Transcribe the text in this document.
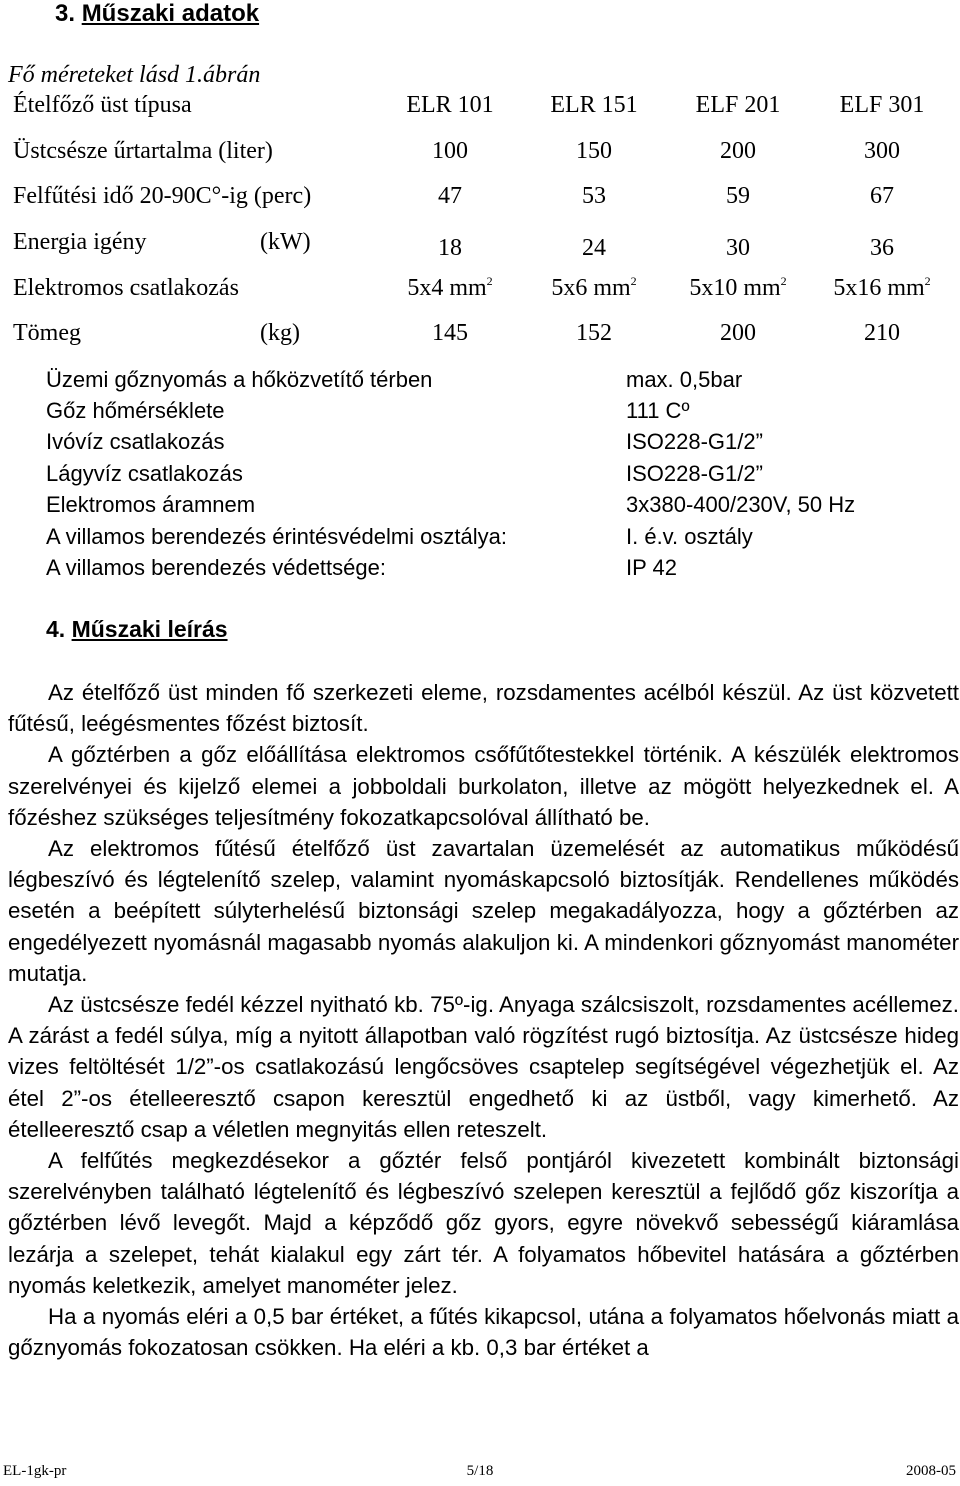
3. Műszaki adatok
Fő méreteket lásd 1.ábrán
Ételfőző üst típusa	ELR 101	ELR 151	ELF 201	ELF 301
Üstcsésze űrtartalma (liter)	100	150	200	300
Felfűtési idő 20-90C°-ig (perc)	47	53	59	67
Energia igény	(kW)	18	24	30	36
Elektromos csatlakozás	5x4 $mm^2$	5x6 $mm^2$	5x10 $mm^2$	5x16 $mm^2$
Tömeg	(kg)	145	152	200	210
Üzemi gőznyomás a hőközvetítő térben	max. 0,5bar
Gőz hőmérséklete	111 Cº
Ivóvíz csatlakozás	ISO228-G1/2”
Lágyvíz csatlakozás	ISO228-G1/2”
Elektromos áramnem	3x380-400/230V, 50 Hz
A villamos berendezés érintésvédelmi osztálya:	I. é.v. osztály
A villamos berendezés védettsége:	IP 42
4. Műszaki leírás

Az ételfőző üst minden fő szerkezeti eleme, rozsdamentes acélból készül. Az üst közvetett fűtésű, leégésmentes főzést biztosít.

A gőztérben a gőz előállítása elektromos csőfűtőtestekkel történik. A készülék elektromos szerelvényei és kijelző elemei a jobboldali burkolaton, illetve az mögött helyezkednek el. A főzéshez szükséges teljesítmény fokozatkapcsolóval állítható be.

Az elektromos fűtésű ételfőző üst zavartalan üzemelését az automatikus működésű légbeszívó és légtelenítő szelep, valamint nyomáskapcsoló biztosítják. Rendellenes működés esetén a beépített súlyterhelésű biztonsági szelep megakadályozza, hogy a gőztérben az engedélyezett nyomásnál magasabb nyomás alakuljon ki. A mindenkori gőznyomást manométer mutatja.

Az üstcsésze fedél kézzel nyitható kb. 75º-ig. Anyaga szálcsiszolt, rozsdamentes acéllemez. A zárást a fedél súlya, míg a nyitott állapotban való rögzítést rugó biztosítja. Az üstcsésze hideg vizes feltöltését 1/2”-os csatlakozású lengőcsöves csaptelep segítségével végezhetjük el. Az étel 2”-os ételleeresztő csapon keresztül engedhető ki az üstből, vagy kimerhető. Az ételleeresztő csap a véletlen megnyitás ellen reteszelt.

A felfűtés megkezdésekor a gőztér felső pontjáról kivezetett kombinált biztonsági szerelvényben található légtelenítő és légbeszívó szelepen keresztül a fejlődő gőz kiszorítja a gőztérben lévő levegőt. Majd a képződő gőz gyors, egyre növekvő sebességű kiáramlása lezárja a szelepet, tehát kialakul egy zárt tér. A folyamatos hőbevitel hatására a gőztérben nyomás keletkezik, amelyet manométer jelez.

Ha a nyomás eléri a 0,5 bar értéket, a fűtés kikapcsol, utána a folyamatos hőelvonás miatt a gőznyomás fokozatosan csökken. Ha eléri a kb. 0,3 bar értéket a

EL-1gk-pr	5/18	2008-05
